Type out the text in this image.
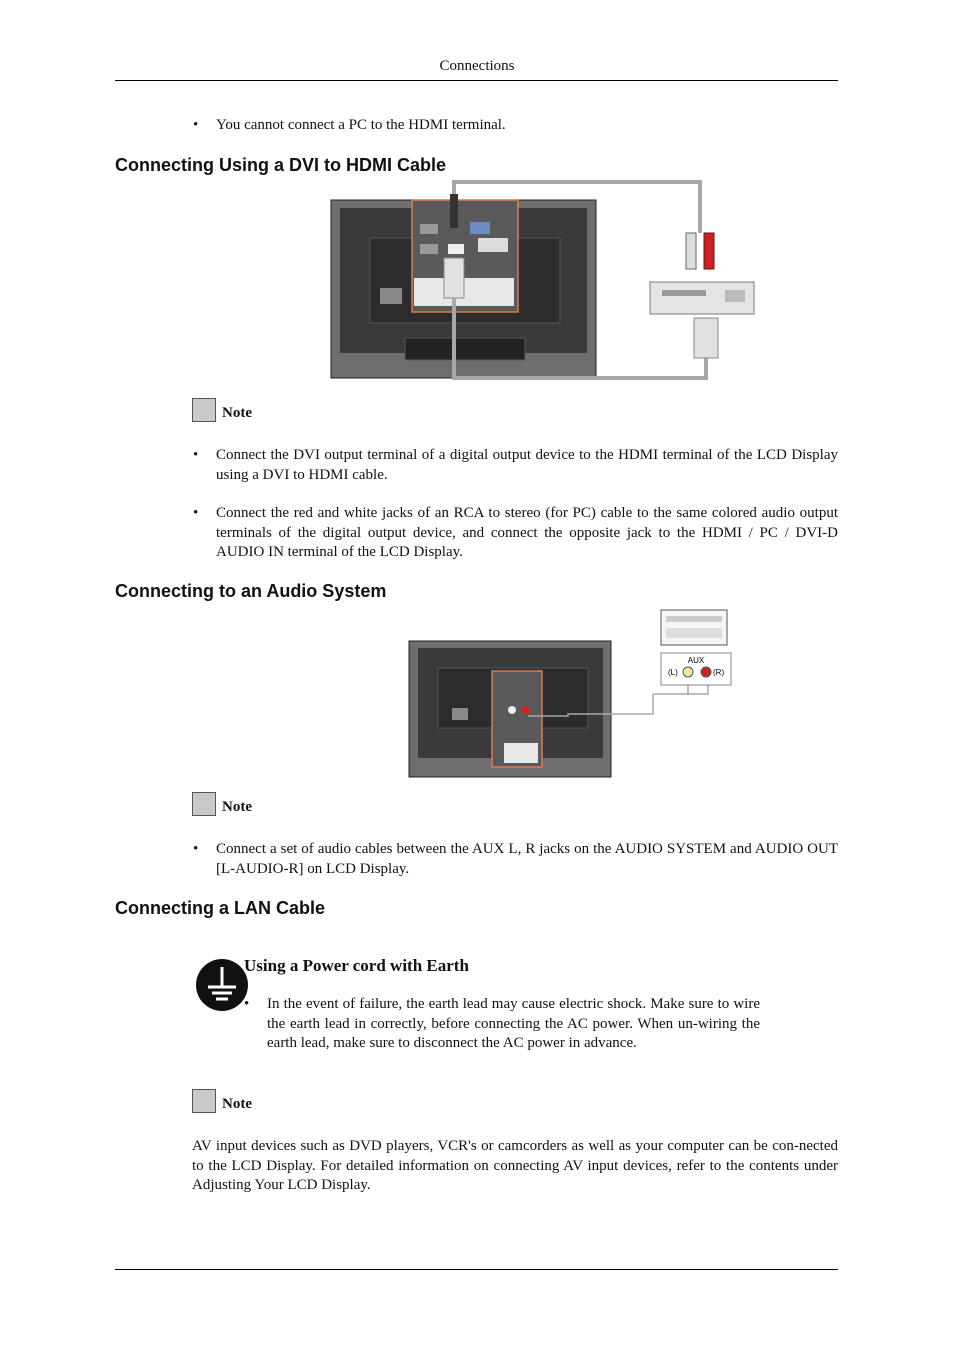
Connections
• You cannot connect a PC to the HDMI terminal.
Connecting Using a DVI to HDMI Cable
Note
• Connect the DVI output terminal of a digital output device to the HDMI terminal of the LCD Display using a DVI to HDMI cable.
• Connect the red and white jacks of an RCA to stereo (for PC) cable to the same colored audio output terminals of the digital output device, and connect the opposite jack to the HDMI / PC / DVI-D AUDIO IN terminal of the LCD Display.
Connecting to an Audio System
AUX
(L)	(R)
Note
• Connect a set of audio cables between the AUX L, R jacks on the AUDIO SYSTEM and AUDIO OUT [L-AUDIO-R] on LCD Display.
Connecting a LAN Cable
Using a Power cord with Earth
• In the event of failure, the earth lead may cause electric shock. Make sure to wire the earth lead in correctly, before connecting the AC power. When un-wiring the earth lead, make sure to disconnect the AC power in advance.
Note
AV input devices such as DVD players, VCR's or camcorders as well as your computer can be con-nected to the LCD Display. For detailed information on connecting AV input devices, refer to the contents under Adjusting Your LCD Display.
